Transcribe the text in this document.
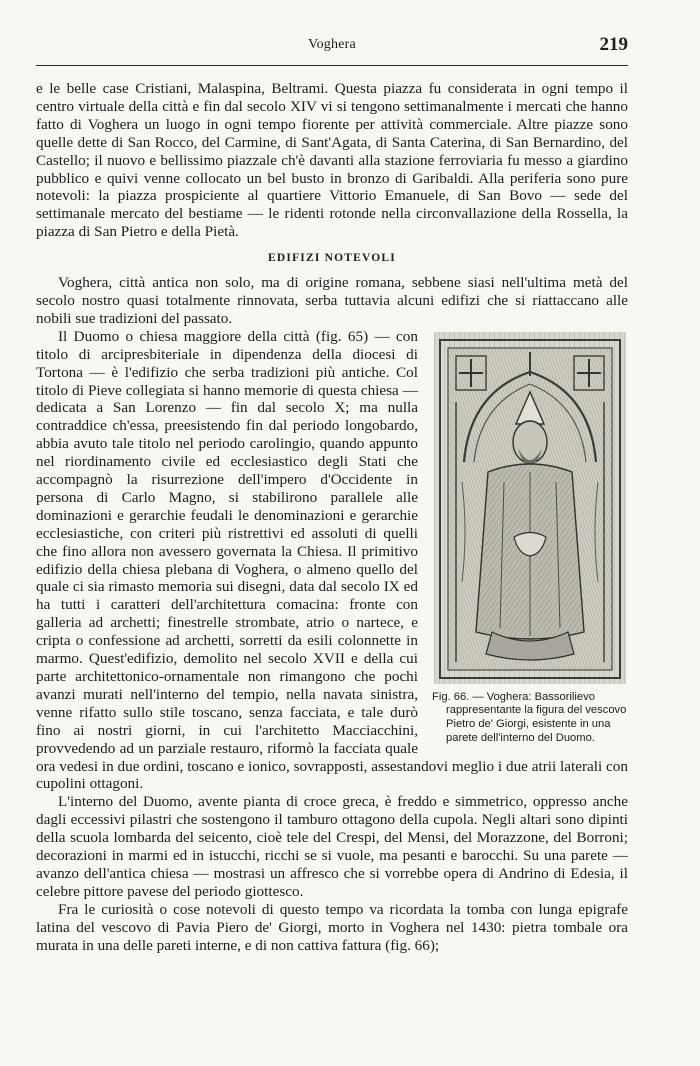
Voghera	219

e le belle case Cristiani, Malaspina, Beltrami. Questa piazza fu considerata in ogni tempo il centro virtuale della città e fin dal secolo XIV vi si tengono settimanalmente i mercati che hanno fatto di Voghera un luogo in ogni tempo fiorente per attività commerciale. Altre piazze sono quelle dette di San Rocco, del Carmine, di Sant'Agata, di Santa Caterina, di San Bernardino, del Castello; il nuovo e bellissimo piazzale ch'è davanti alla stazione ferroviaria fu messo a giardino pubblico e quivi venne collocato un bel busto in bronzo di Garibaldi. Alla periferia sono pure notevoli: la piazza prospiciente al quartiere Vittorio Emanuele, di San Bovo — sede del settimanale mercato del bestiame — le ridenti rotonde nella circonvallazione della Rossella, la piazza di San Pietro e della Pietà.

EDIFIZI NOTEVOLI

Voghera, città antica non solo, ma di origine romana, sebbene siasi nell'ultima metà del secolo nostro quasi totalmente rinnovata, serba tuttavia alcuni edifizi che si riattaccano alle nobili sue tradizioni del passato.

Fig. 66. — Voghera: Bassorilievo rappresentante la figura del vescovo Pietro de' Giorgi, esistente in una parete dell'interno del Duomo.

Il Duomo o chiesa maggiore della città (fig. 65) — con titolo di arcipresbiteriale in dipendenza della diocesi di Tortona — è l'edifizio che serba tradizioni più antiche. Col titolo di Pieve collegiata si hanno memorie di questa chiesa — dedicata a San Lorenzo — fin dal secolo X; ma nulla contraddice ch'essa, preesistendo fin dal periodo longobardo, abbia avuto tale titolo nel periodo carolingio, quando appunto nel riordinamento civile ed ecclesiastico degli Stati che accompagnò la risurrezione dell'impero d'Occidente in persona di Carlo Magno, si stabilirono parallele alle dominazioni e gerarchie feudali le denominazioni e gerarchie ecclesiastiche, con criteri più ristrettivi ed assoluti di quelli che fino allora non avessero governata la Chiesa. Il primitivo edifizio della chiesa plebana di Voghera, o almeno quello del quale ci sia rimasto memoria sui disegni, data dal secolo IX ed ha tutti i caratteri dell'architettura comacina: fronte con galleria ad archetti; finestrelle strombate, atrio o nartece, e cripta o confessione ad archetti, sorretti da esili colonnette in marmo. Quest'edifizio, demolito nel secolo XVII e della cui parte architettonico-ornamentale non rimangono che pochi avanzi murati nell'interno del tempio, nella navata sinistra, venne rifatto sullo stile toscano, senza facciata, e tale durò fino ai nostri giorni, in cui l'architetto Macciacchini, provvedendo ad un parziale restauro, riformò la facciata quale ora vedesi in due ordini, toscano e ionico, sovrapposti, assestandovi meglio i due atrii laterali con cupolini ottagoni.

L'interno del Duomo, avente pianta di croce greca, è freddo e simmetrico, oppresso anche dagli eccessivi pilastri che sostengono il tamburo ottagono della cupola. Negli altari sono dipinti della scuola lombarda del seicento, cioè tele del Crespi, del Mensi, del Morazzone, del Borroni; decorazioni in marmi ed in istucchi, ricchi se si vuole, ma pesanti e barocchi. Su una parete — avanzo dell'antica chiesa — mostrasi un affresco che si vorrebbe opera di Andrino di Edesia, il celebre pittore pavese del periodo giottesco.

Fra le curiosità o cose notevoli di questo tempo va ricordata la tomba con lunga epigrafe latina del vescovo di Pavia Piero de' Giorgi, morto in Voghera nel 1430: pietra tombale ora murata in una delle pareti interne, e di non cattiva fattura (fig. 66);
